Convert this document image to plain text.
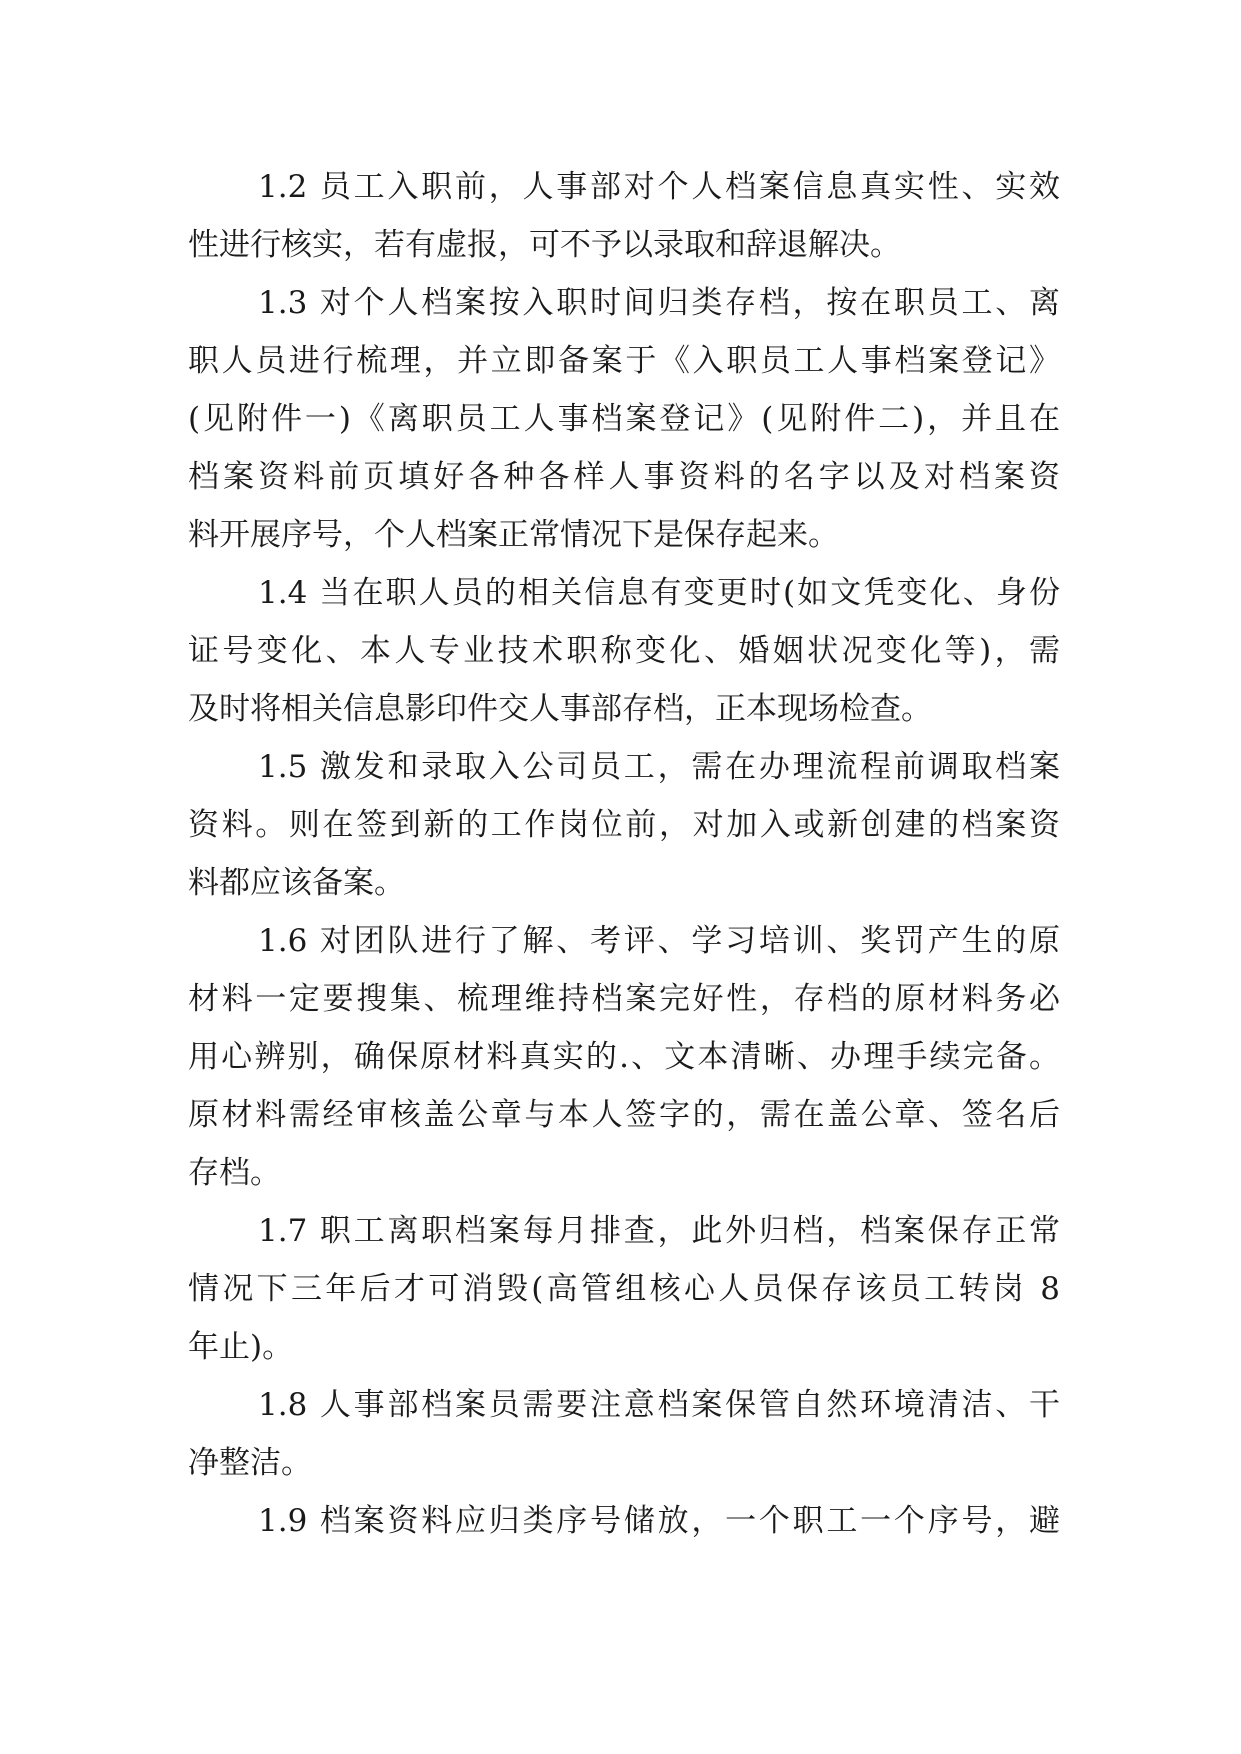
1.2 员工入职前，人事部对个人档案信息真实性、实效
性进行核实，若有虚报，可不予以录取和辞退解决。
1.3 对个人档案按入职时间归类存档，按在职员工、离
职人员进行梳理，并立即备案于《入职员工人事档案登记》
(见附件一)《离职员工人事档案登记》(见附件二)，并且在
档案资料前页填好各种各样人事资料的名字以及对档案资
料开展序号，个人档案正常情况下是保存起来。
1.4 当在职人员的相关信息有变更时(如文凭变化、身份
证号变化、本人专业技术职称变化、婚姻状况变化等)，需
及时将相关信息影印件交人事部存档，正本现场检查。
1.5 激发和录取入公司员工，需在办理流程前调取档案
资料。则在签到新的工作岗位前，对加入或新创建的档案资
料都应该备案。
1.6 对团队进行了解、考评、学习培训、奖罚产生的原
材料一定要搜集、梳理维持档案完好性，存档的原材料务必
用心辨别，确保原材料真实的.、文本清晰、办理手续完备。
原材料需经审核盖公章与本人签字的，需在盖公章、签名后
存档。
1.7 职工离职档案每月排查，此外归档，档案保存正常
情况下三年后才可消毁(高管组核心人员保存该员工转岗 8
年止)。
1.8 人事部档案员需要注意档案保管自然环境清洁、干
净整洁。
1.9 档案资料应归类序号储放，一个职工一个序号，避
